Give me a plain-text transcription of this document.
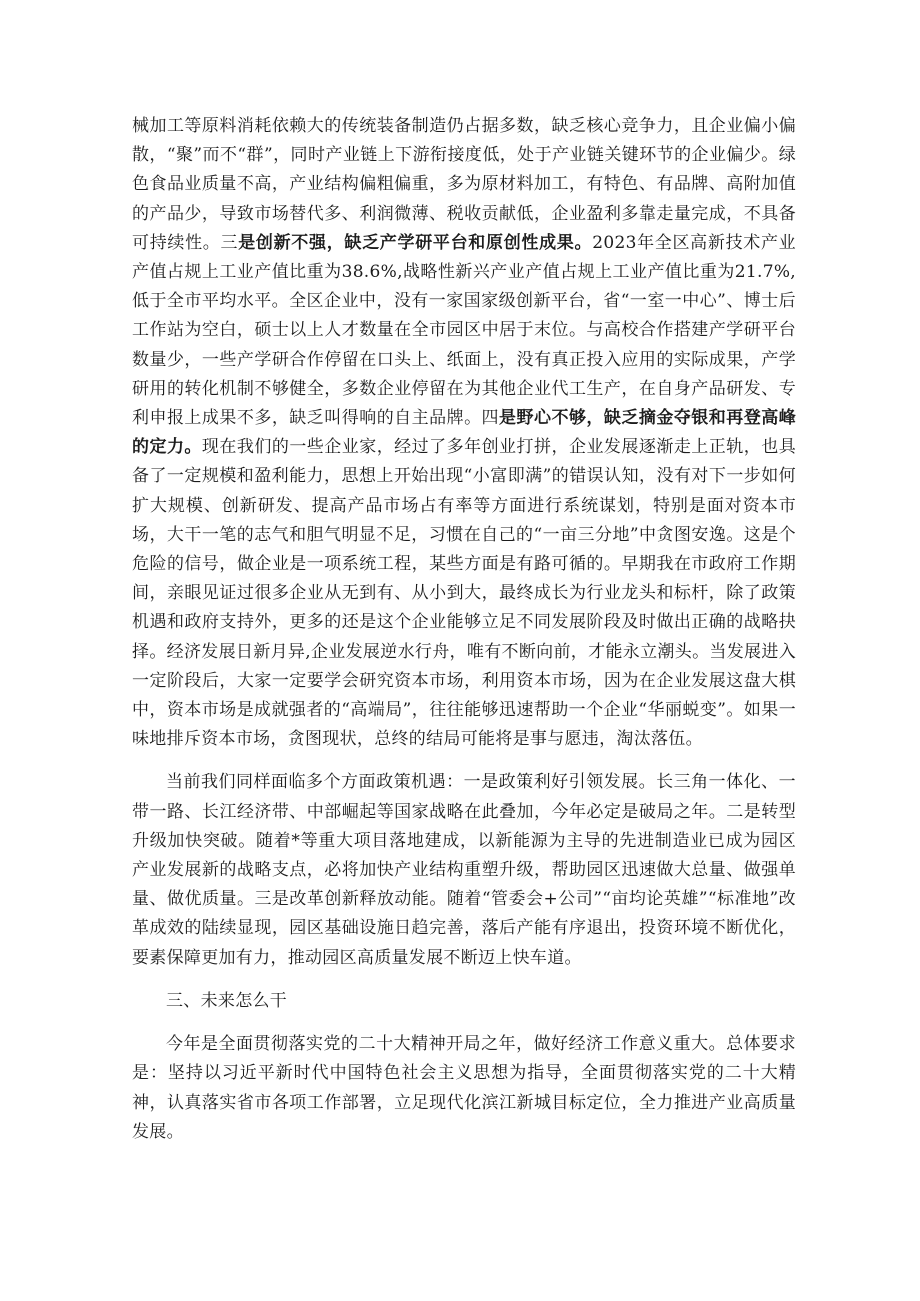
械加工等原料消耗依赖大的传统装备制造仍占据多数，缺乏核心竞争力，且企业偏小偏散，“聚”而不“群”，同时产业链上下游衔接度低，处于产业链关键环节的企业偏少。绿色食品业质量不高，产业结构偏粗偏重，多为原材料加工，有特色、有品牌、高附加值的产品少，导致市场替代多、利润微薄、税收贡献低，企业盈利多靠走量完成，不具备可持续性。三是创新不强，缺乏产学研平台和原创性成果。2023年全区高新技术产业产值占规上工业产值比重为38.6%,战略性新兴产业产值占规上工业产值比重为21.7%,低于全市平均水平。全区企业中，没有一家国家级创新平台，省“一室一中心”、博士后工作站为空白，硕士以上人才数量在全市园区中居于末位。与高校合作搭建产学研平台数量少，一些产学研合作停留在口头上、纸面上，没有真正投入应用的实际成果，产学研用的转化机制不够健全，多数企业停留在为其他企业代工生产，在自身产品研发、专利申报上成果不多，缺乏叫得响的自主品牌。四是野心不够，缺乏摘金夺银和再登高峰的定力。现在我们的一些企业家，经过了多年创业打拼，企业发展逐渐走上正轨，也具备了一定规模和盈利能力，思想上开始出现“小富即满”的错误认知，没有对下一步如何扩大规模、创新研发、提高产品市场占有率等方面进行系统谋划，特别是面对资本市场，大干一笔的志气和胆气明显不足，习惯在自己的“一亩三分地”中贪图安逸。这是个危险的信号，做企业是一项系统工程，某些方面是有路可循的。早期我在市政府工作期间，亲眼见证过很多企业从无到有、从小到大，最终成长为行业龙头和标杆，除了政策机遇和政府支持外，更多的还是这个企业能够立足不同发展阶段及时做出正确的战略抉择。经济发展日新月异,企业发展逆水行舟，唯有不断向前，才能永立潮头。当发展进入一定阶段后，大家一定要学会研究资本市场，利用资本市场，因为在企业发展这盘大棋中，资本市场是成就强者的“高端局”，往往能够迅速帮助一个企业“华丽蜕变”。如果一味地排斥资本市场，贪图现状，总终的结局可能将是事与愿违，淘汰落伍。

当前我们同样面临多个方面政策机遇：一是政策利好引领发展。长三角一体化、一带一路、长江经济带、中部崛起等国家战略在此叠加，今年必定是破局之年。二是转型升级加快突破。随着*等重大项目落地建成，以新能源为主导的先进制造业已成为园区产业发展新的战略支点，必将加快产业结构重塑升级，帮助园区迅速做大总量、做强单量、做优质量。三是改革创新释放动能。随着“管委会+公司”“亩均论英雄”“标准地”改革成效的陆续显现，园区基础设施日趋完善，落后产能有序退出，投资环境不断优化，要素保障更加有力，推动园区高质量发展不断迈上快车道。

三、未来怎么干

今年是全面贯彻落实党的二十大精神开局之年，做好经济工作意义重大。总体要求是：坚持以习近平新时代中国特色社会主义思想为指导，全面贯彻落实党的二十大精神，认真落实省市各项工作部署，立足现代化滨江新城目标定位，全力推进产业高质量发展。
